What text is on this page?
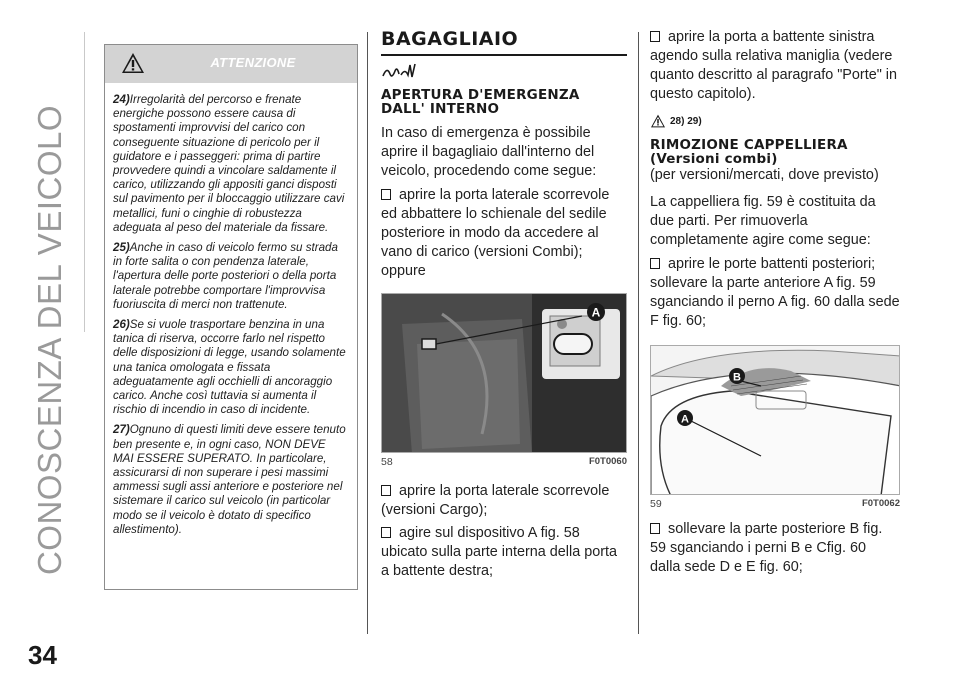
CONOSCENZA DEL VEICOLO
34
ATTENZIONE

24)Irregolarità del percorso e frenate energiche possono essere causa di spostamenti improvvisi del carico con conseguente situazione di pericolo per il guidatore e i passeggeri: prima di partire provvedere quindi a vincolare saldamente il carico, utilizzando gli appositi ganci disposti sul pavimento per il bloccaggio utilizzare cavi metallici, funi o cinghie di robustezza adeguata al peso del materiale da fissare.

25)Anche in caso di veicolo fermo su strada in forte salita o con pendenza laterale, l'apertura delle porte posteriori o della porta laterale potrebbe comportare l'improvvisa fuoriuscita di merci non trattenute.

26)Se si vuole trasportare benzina in una tanica di riserva, occorre farlo nel rispetto delle disposizioni di legge, usando solamente una tanica omologata e fissata adeguatamente agli occhielli di ancoraggio carico. Anche così tuttavia si aumenta il rischio di incendio in caso di incidente.

27)Ognuno di questi limiti deve essere tenuto ben presente e, in ogni caso, NON DEVE MAI ESSERE SUPERATO. In particolare, assicurarsi di non superare i pesi massimi ammessi sugli assi anteriore e posteriore nel sistemare il carico sul veicolo (in particolar modo se il veicolo è dotato di specifico allestimento).

BAGAGLIAIO
APERTURA D'EMERGENZA DALL' INTERNO
In caso di emergenza è possibile aprire il bagagliaio dall'interno del veicolo, procedendo come segue:
aprire la porta laterale scorrevole ed abbattere lo schienale del sedile posteriore in modo da accedere al vano di carico (versioni Combi);
oppure
A
58	F0T0060
aprire la porta laterale scorrevole (versioni Cargo);
agire sul dispositivo A fig. 58 ubicato sulla parte interna della porta a battente destra;
aprire la porta a battente sinistra agendo sulla relativa maniglia (vedere quanto descritto al paragrafo "Porte" in questo capitolo).
28) 29)
RIMOZIONE CAPPELLIERA (Versioni combi)
(per versioni/mercati, dove previsto)
La cappelliera fig. 59 è costituita da due parti. Per rimuoverla completamente agire come segue:
aprire le porte battenti posteriori; sollevare la parte anteriore A fig. 59 sganciando il perno A fig. 60 dalla sede F fig. 60;
A
B
59	F0T0062
sollevare la parte posteriore B fig. 59 sganciando i perni B e Cfig. 60 dalla sede D e E fig. 60;
